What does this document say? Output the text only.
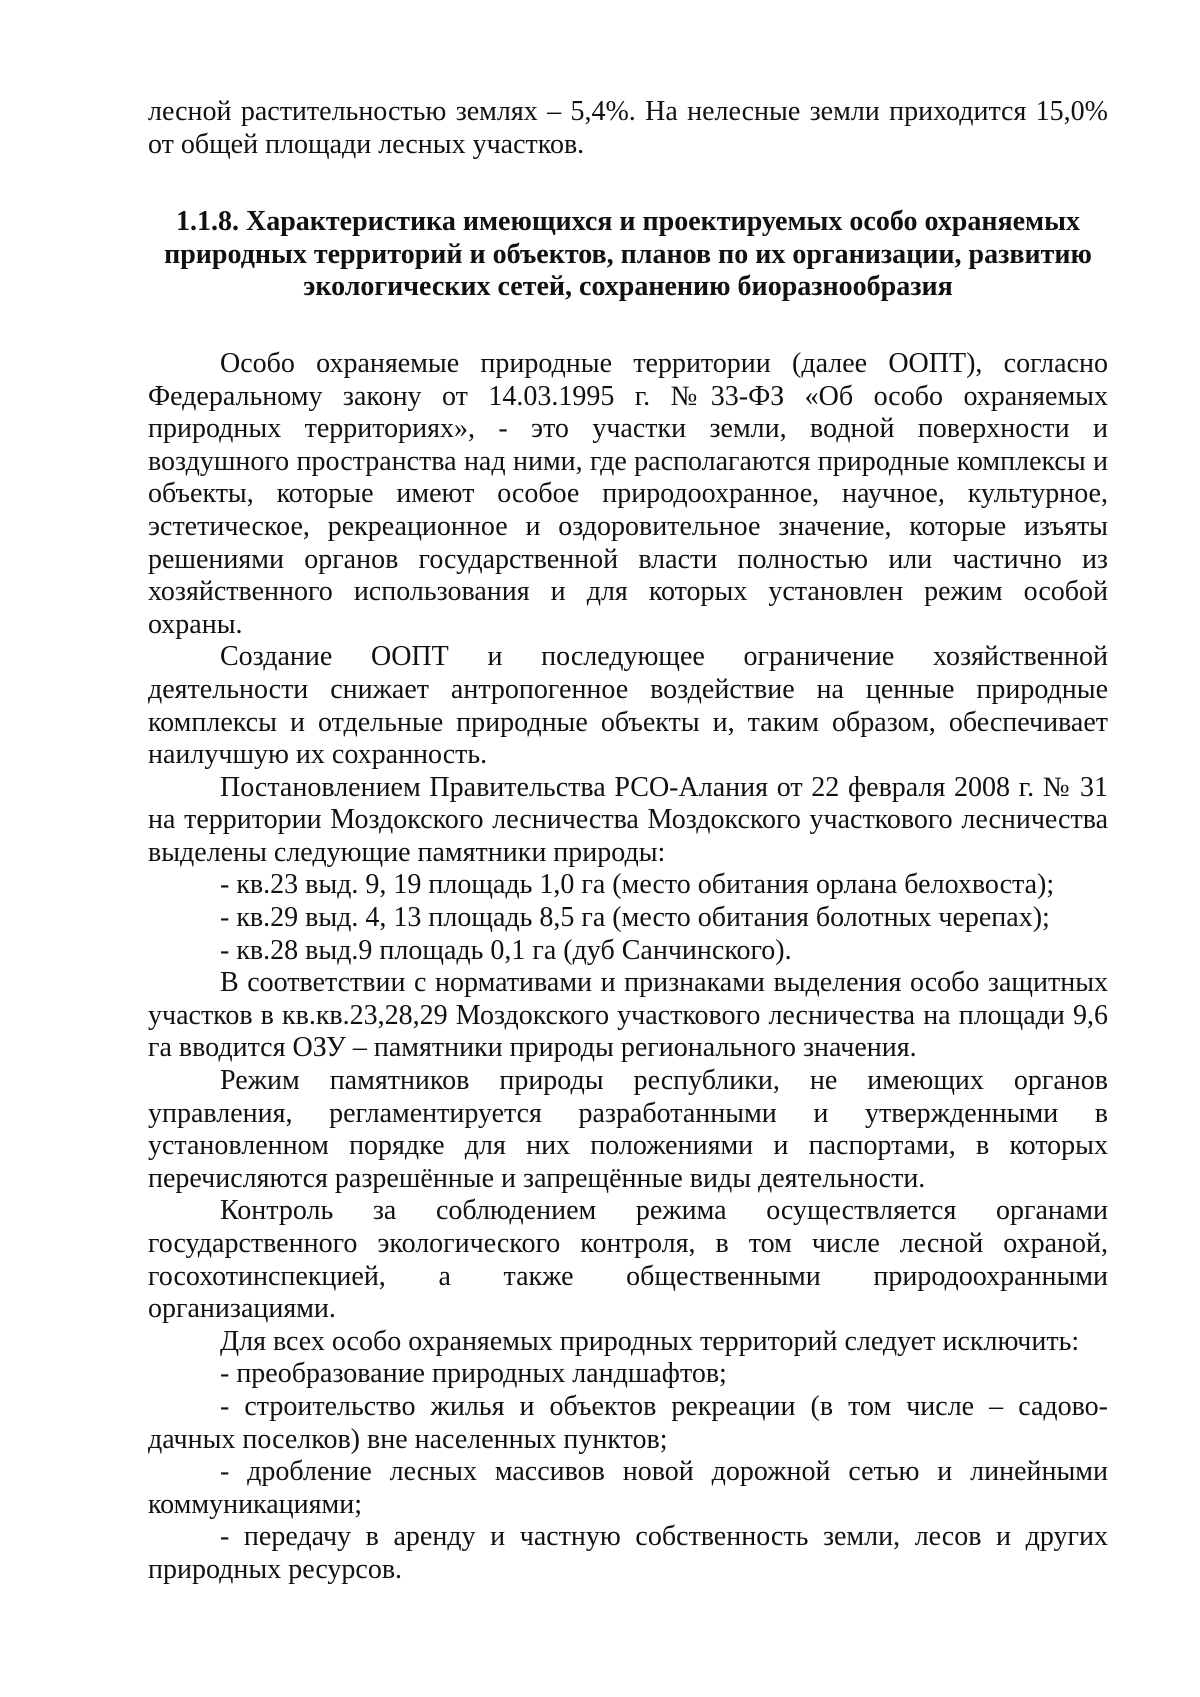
лесной растительностью землях – 5,4%. На нелесные земли приходится 15,0% от общей площади лесных участков.

1.1.8. Характеристика имеющихся и проектируемых особо охраняемых природных территорий и объектов, планов по их организации, развитию экологических сетей, сохранению биоразнообразия

Особо охраняемые природные территории (далее ООПТ), согласно Федеральному закону от 14.03.1995 г. №33-ФЗ «Об особо охраняемых природных территориях», - это участки земли, водной поверхности и воздушного пространства над ними, где располагаются природные комплексы и объекты, которые имеют особое природоохранное, научное, культурное, эстетическое, рекреационное и оздоровительное значение, которые изъяты решениями органов государственной власти полностью или частично из хозяйственного использования и для которых установлен режим особой охраны.

Создание ООПТ и последующее ограничение хозяйственной деятельности снижает антропогенное воздействие на ценные природные комплексы и отдельные природные объекты и, таким образом, обеспечивает наилучшую их сохранность.

Постановлением Правительства РСО-Алания от 22 февраля 2008 г. № 31 на территории Моздокского лесничества Моздокского участкового лесничества выделены следующие памятники природы:

- кв.23 выд. 9, 19 площадь 1,0 га (место обитания орлана белохвоста);

- кв.29 выд. 4, 13 площадь 8,5 га (место обитания болотных черепах);

- кв.28 выд.9 площадь 0,1 га (дуб Санчинского).

В соответствии с нормативами и признаками выделения особо защитных участков в кв.кв.23,28,29 Моздокского участкового лесничества на площади 9,6 га вводится ОЗУ – памятники природы регионального значения.

Режим памятников природы республики, не имеющих органов управления, регламентируется разработанными и утвержденными в установленном порядке для них положениями и паспортами, в которых перечисляются разрешённые и запрещённые виды деятельности.

Контроль за соблюдением режима осуществляется органами государственного экологического контроля, в том числе лесной охраной, госохотинспекцией, а также общественными природоохранными организациями.

Для всех особо охраняемых природных территорий следует исключить:

- преобразование природных ландшафтов;

- строительство жилья и объектов рекреации (в том числе – садово-дачных поселков) вне населенных пунктов;

- дробление лесных массивов новой дорожной сетью и линейными коммуникациями;

- передачу в аренду и частную собственность земли, лесов и других природных ресурсов.
